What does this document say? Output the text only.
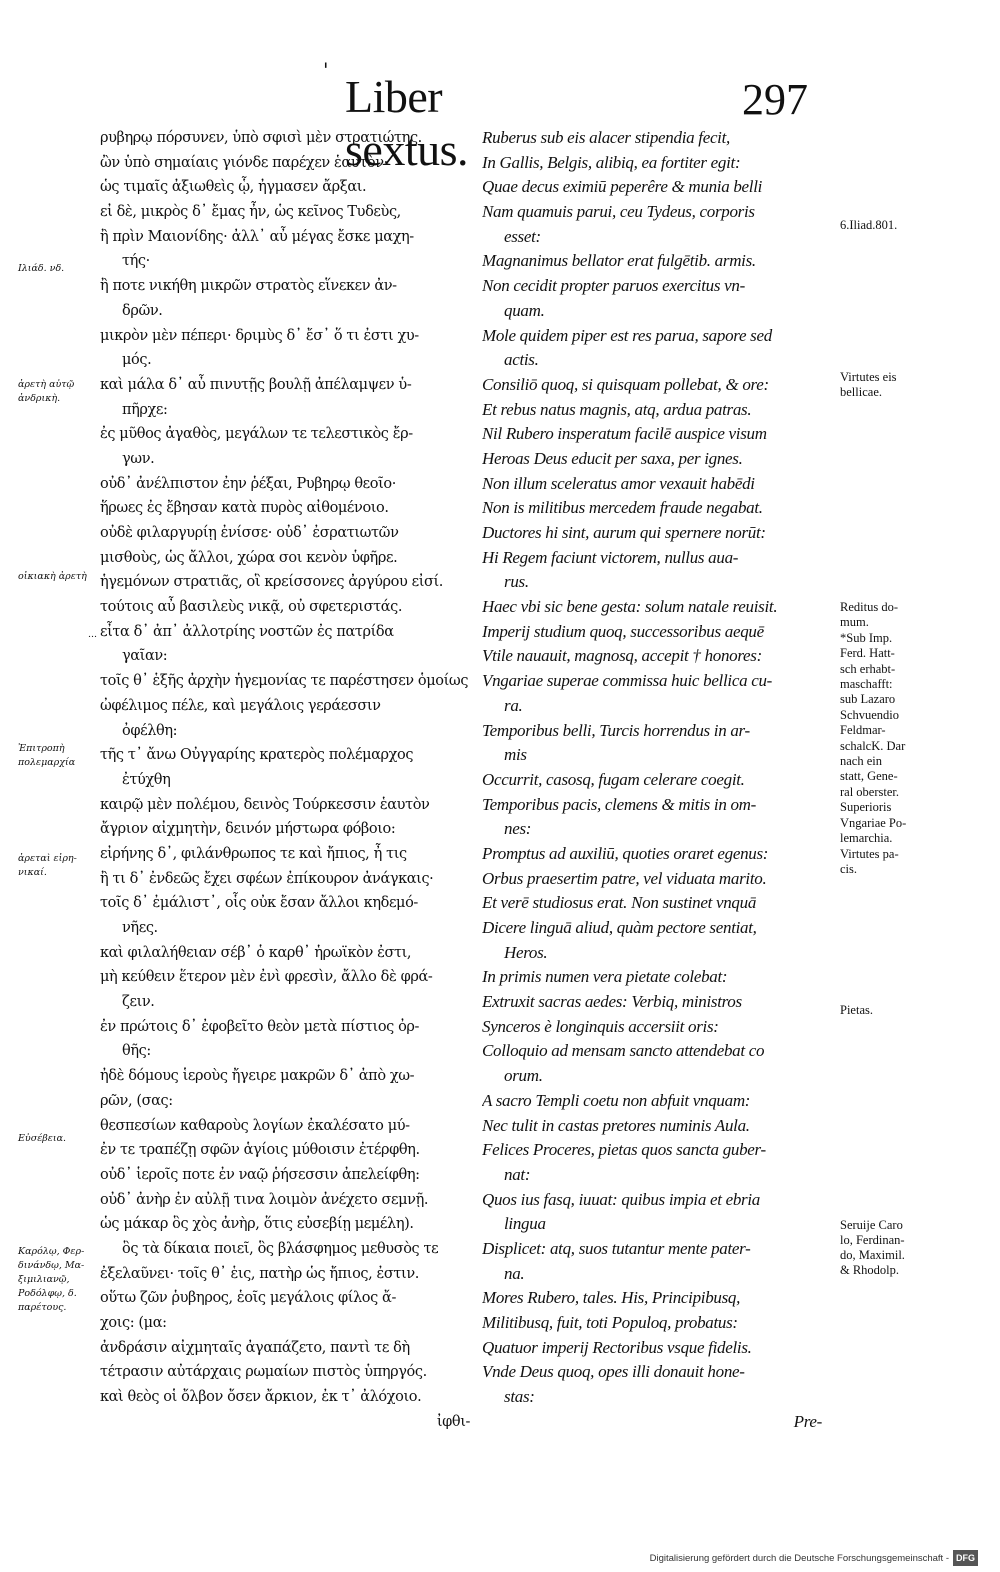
'
Liber sextus.
297
ρυβηρῳ πόρσυνεν, ὑπὸ σφισὶ μὲν στρατιώτης.
ὢν ὑπὸ σημαίαις γιόνδε παρέχεν ἑαυτὸν·
ὡς τιμαῖς ἀξιωθεὶς ᾧ, ἠγμασεν ἄρξαι.
εἰ δὲ, μικρὸς δ᾽ ἔμας ἦν, ὡς κεῖνος Τυδεὺς,
ἢ πρὶν Μαιονίδης· ἀλλ᾽ αὖ μέγας ἔσκε μαχη-
τής·
ἢ ποτε νικήθη μικρῶν στρατὸς εἵνεκεν ἀν-
δρῶν.
μικρὸν μὲν πέπερι· δριμὺς δ᾽ ἔσ᾽ ὅ τι ἐστι χυ-
μός.
καὶ μάλα δ᾽ αὖ πινυτῇς βουλῇ ἀπέλαμψεν ὑ-
πῆρχε:
ἐς μῦθος ἀγαθὸς, μεγάλων τε τελεστικὸς ἔρ-
γων.
οὐδ᾽ ἀνέλπιστον ἐην ῥέξαι, Ρυβηρῳ θεοῖο·
ἥρωες ἐς ἔβησαν κατὰ πυρὸς αἰθομένοιο.
οὐδὲ φιλαργυρίῃ ἐνίσσε· οὐδ᾽ ἐσρατιωτῶν
μισθοὺς, ὡς ἄλλοι, χώρα σοι κενὸν ὑφῆρε.
ἡγεμόνων στρατιᾶς, οἳ κρείσσονες ἀργύρου εἰσί.
τούτοις αὖ βασιλεὺς νικᾷ, οὐ σφετεριστάς.
εἶτα δ᾽ ἀπ᾽ ἀλλοτρίης νοστῶν ἐς πατρίδα
γαῖαν:
τοῖς θ᾽ ἑξῆς ἀρχὴν ἡγεμονίας τε παρέστησεν ὁμοίως
ὠφέλιμος πέλε, καὶ μεγάλοις γεράεσσιν
ὀφέλθη:
τῆς τ᾽ ἄνω Οὐγγαρίης κρατερὸς πολέμαρχος
ἐτύχθη
καιρῷ μὲν πολέμου, δεινὸς Τούρκεσσιν ἑαυτὸν
ἄγριον αἰχμητὴν, δεινόν μήστωρα φόβοιο:
εἰρήνης δ᾽, φιλάνθρωπος τε καὶ ἤπιος, ἦ τις
ἢ τι δ᾽ ἐνδεῶς ἔχει σφέων ἐπίκουρον ἀνάγκαις·
τοῖς δ᾽ ἐμάλιστ᾽, οἷς οὐκ ἔσαν ἄλλοι κηδεμό-
νῆες.
καὶ φιλαλήθειαν σέβ᾽ ὁ καρθ᾽ ἡρωϊκὸν ἐστι,
μὴ κεύθειν ἕτερον μὲν ἐνὶ φρεσὶν, ἄλλο δὲ φρά-
ζειν.
ἐν πρώτοις δ᾽ ἐφοβεῖτο θεὸν μετὰ πίστιος ὀρ-
θῆς:
ἠδὲ δόμους ἱεροὺς ἤγειρε μακρῶν δ᾽ ἀπὸ χω-
ρῶν, (σας:
θεσπεσίων καθαροὺς λογίων ἐκαλέσατο μύ-
ἐν τε τραπέζῃ σφῶν ἁγίοις μύθοισιν ἐτέρφθη.
οὐδ᾽ ἱεροῖς ποτε ἐν ναῷ ῥήσεσσιν ἀπελείφθη:
οὐδ᾽ ἀνὴρ ἐν αὐλῇ τινα λοιμὸν ἀνέχετο σεμνῇ.
ὡς μάκαρ ὃς χὸς ἀνὴρ, ὅτις εὐσεβίῃ μεμέλη).
ὃς τὰ δίκαια ποιεῖ, ὃς βλάσφημος μεθυσὸς τε
ἐξελαῦνει· τοῖς θ᾽ ἑις, πατὴρ ὡς ἤπιος, ἐστιν.
οὕτω ζῶν ῥυβηρος, ἑοῖς μεγάλοις φίλος ἄ-
χοις: (μα:
ἀνδράσιν αἰχμηταῖς ἀγαπάζετο, παντὶ τε δὴ
τέτρασιν αὐτάρχαις ρωμαίων πιστὸς ὑπηργός.
καὶ θεὸς οἱ ὄλβον ὄσεν ἄρκιον, ἐκ τ᾽ ἀλόχοιο.
ἰφθι-
Ruberus sub eis alacer stipendia fecit,
In Gallis, Belgis, alibiq, ea fortiter egit:
Quae decus eximiū peperêre & munia belli
Nam quamuis parui, ceu Tydeus, corporis
esset:
Magnanimus bellator erat fulgētib. armis.
Non cecidit propter paruos exercitus vn-
quam.
Mole quidem piper est res parua, sapore sed
actis.
Consiliō quoq, si quisquam pollebat, & ore:
Et rebus natus magnis, atq, ardua patras.
Nil Rubero insperatum facilē auspice visum
Heroas Deus educit per saxa, per ignes.
Non illum sceleratus amor vexauit habēdi
Non is militibus mercedem fraude negabat.
Ductores hi sint, aurum qui spernere norūt:
Hi Regem faciunt victorem, nullus aua-
rus.
Haec vbi sic bene gesta: solum natale reuisit.
Imperij studium quoq, successoribus aequē
Vtile nauauit, magnosq, accepit † honores:
Vngariae superae commissa huic bellica cu-
ra.
Temporibus belli, Turcis horrendus in ar-
mis
Occurrit, casosq, fugam celerare coegit.
Temporibus pacis, clemens & mitis in om-
nes:
Promptus ad auxiliū, quoties oraret egenus:
Orbus praesertim patre, vel viduata marito.
Et verē studiosus erat. Non sustinet vnquā
Dicere linguā aliud, quàm pectore sentiat,
Heros.
In primis numen vera pietate colebat:
Extruxit sacras aedes: Verbiq, ministros
Synceros è longinquis accersiit oris:
Colloquio ad mensam sancto attendebat co
orum.
A sacro Templi coetu non abfuit vnquam:
Nec tulit in castas pretores numinis Aula.
Felices Proceres, pietas quos sancta guber-
nat:
Quos ius fasq, iuuat: quibus impia et ebria
lingua
Displicet: atq, suos tutantur mente pater-
na.
Mores Rubero, tales. His, Principibusq,
Militibusq, fuit, toti Populoq, probatus:
Quatuor imperij Rectoribus vsque fidelis.
Vnde Deus quoq, opes illi donauit hone-
stas:
Pre-
Ιλιάδ. νδ.
ἀρετὴ αὐτῷ
ἀνδρικὴ.
οἰκιακὴ ἀρετὴ
...
Ἐπιτροπὴ
πολεμαρχία
ἀρεταὶ εἰρη-
νικαί.
Εὐσέβεια.
Καρόλῳ, Φερ-
δινάνδῳ, Μα-
ξιμιλιανῷ,
Ροδόλφῳ, δ.
παρέτους.
6.Iliad.801.
Virtutes eis
bellicae.
Reditus do-
mum.
*Sub Imp.
Ferd. Hatt-
sch erhabt-
maschafft:
sub Lazaro
Schvuendio
Feldmar-
schalcK. Dar
nach ein
statt, Gene-
ral oberster.
Superioris
Vngariae Po-
lemarchia.
Virtutes pa-
cis.
Pietas.
Seruije Caro
lo, Ferdinan-
do, Maximil.
& Rhodolp.
Digitalisierung gefördert durch die Deutsche Forschungsgemeinschaft - DFG
